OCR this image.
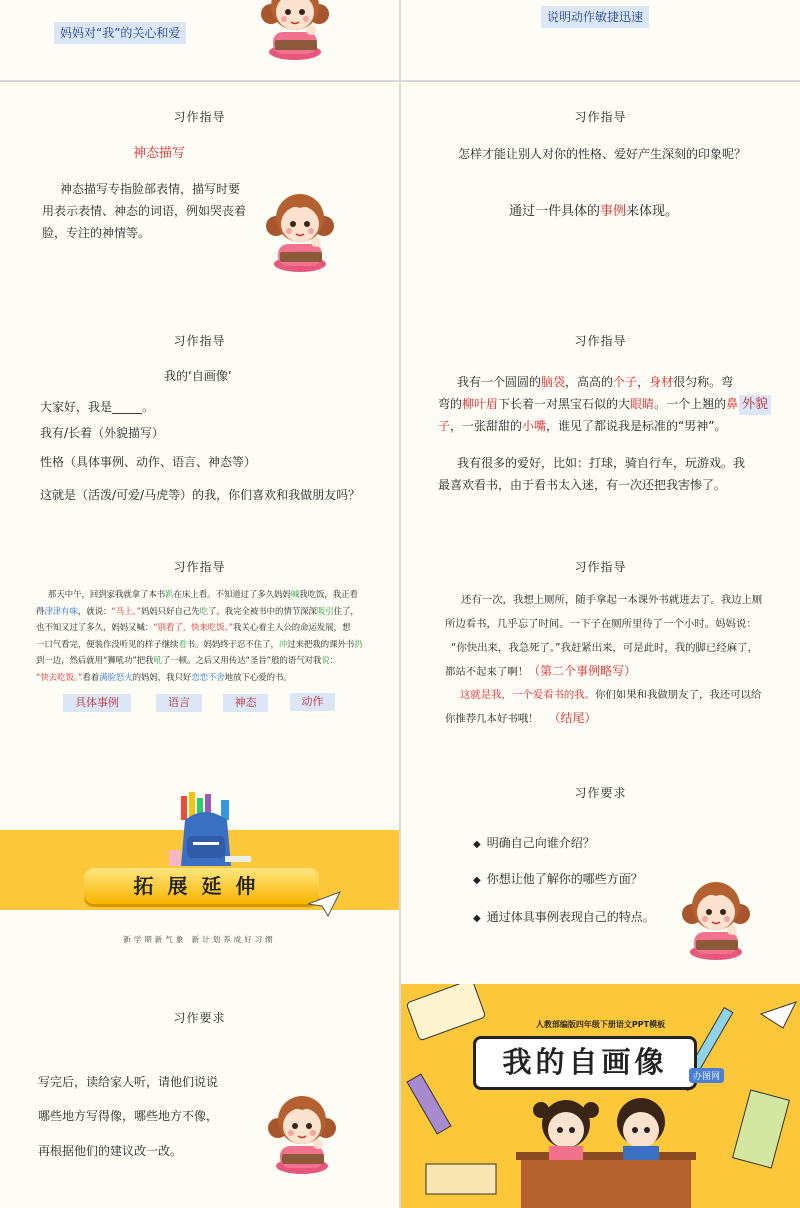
妈妈对“我”的关心和爱
说明动作敏捷迅速
习作指导
神态描写
神态描写专指脸部表情，描写时要
用表示表情、神态的词语，例如哭丧着
脸，专注的神情等。
习作指导
怎样才能让别人对你的性格、爱好产生深刻的印象呢？
通过一件具体的事例来体现。
习作指导
我的‘自画像’
大家好，我是_____。
我有/长着（外貌描写）
性格（具体事例、动作、语言、神态等）
这就是（活泼/可爱/马虎等）的我，你们喜欢和我做朋友吗？
习作指导
我有一个圆圆的脑袋，高高的个子，身材很匀称。弯
弯的柳叶眉下长着一对黑宝石似的大眼睛。一个上翘的鼻
子，一张甜甜的小嘴，谁见了都说我是标准的“男神”。
外貌
我有很多的爱好，比如：打球，骑自行车，玩游戏。我
最喜欢看书，由于看书太入迷，有一次还把我害惨了。
习作指导
那天中午，回到家我就拿了本书趴在床上看。不知道过了多久妈妈喊我吃饭，我正看
得津津有味，就说：“马上。”妈妈只好自己先吃了。我完全被书中的情节深深吸引住了，
也不知又过了多久，妈妈又喊：“别看了，快来吃饭。”我关心着主人公的命运发展，想
一口气看完，便装作没听见的样子继续看书。妈妈终于忍不住了，冲过来把我的课外书扔
到一边，然后就用“狮吼功”把我吼了一顿。之后又用传达“圣旨”般的语气对我说：
“快去吃饭。”看着满脸怒火的妈妈，我只好恋恋不舍地放下心爱的书。
具体事例	语言	神态	动作
习作指导
还有一次，我想上厕所，随手拿起一本课外书就进去了。我边上厕
所边看书，几乎忘了时间。一下子在厕所里待了一个小时。妈妈说：
“你快出来，我急死了。”我赶紧出来，可是此时，我的脚已经麻了，
都站不起来了啊！（第二个事例略写）
这就是我，一个爱看书的我。你们如果和我做朋友了，我还可以给
你推荐几本好书哦！ （结尾）
拓展延伸
新学期新气象 新计划养成好习惯
习作要求
◆ 明确自己向谁介绍？
◆ 你想让他了解你的哪些方面？
◆ 通过体具事例表现自己的特点。
习作要求
写完后，读给家人听，请他们说说
哪些地方写得像，哪些地方不像，
再根据他们的建议改一改。
人教部编版四年级下册语文PPT模板
我的自画像	办图网
